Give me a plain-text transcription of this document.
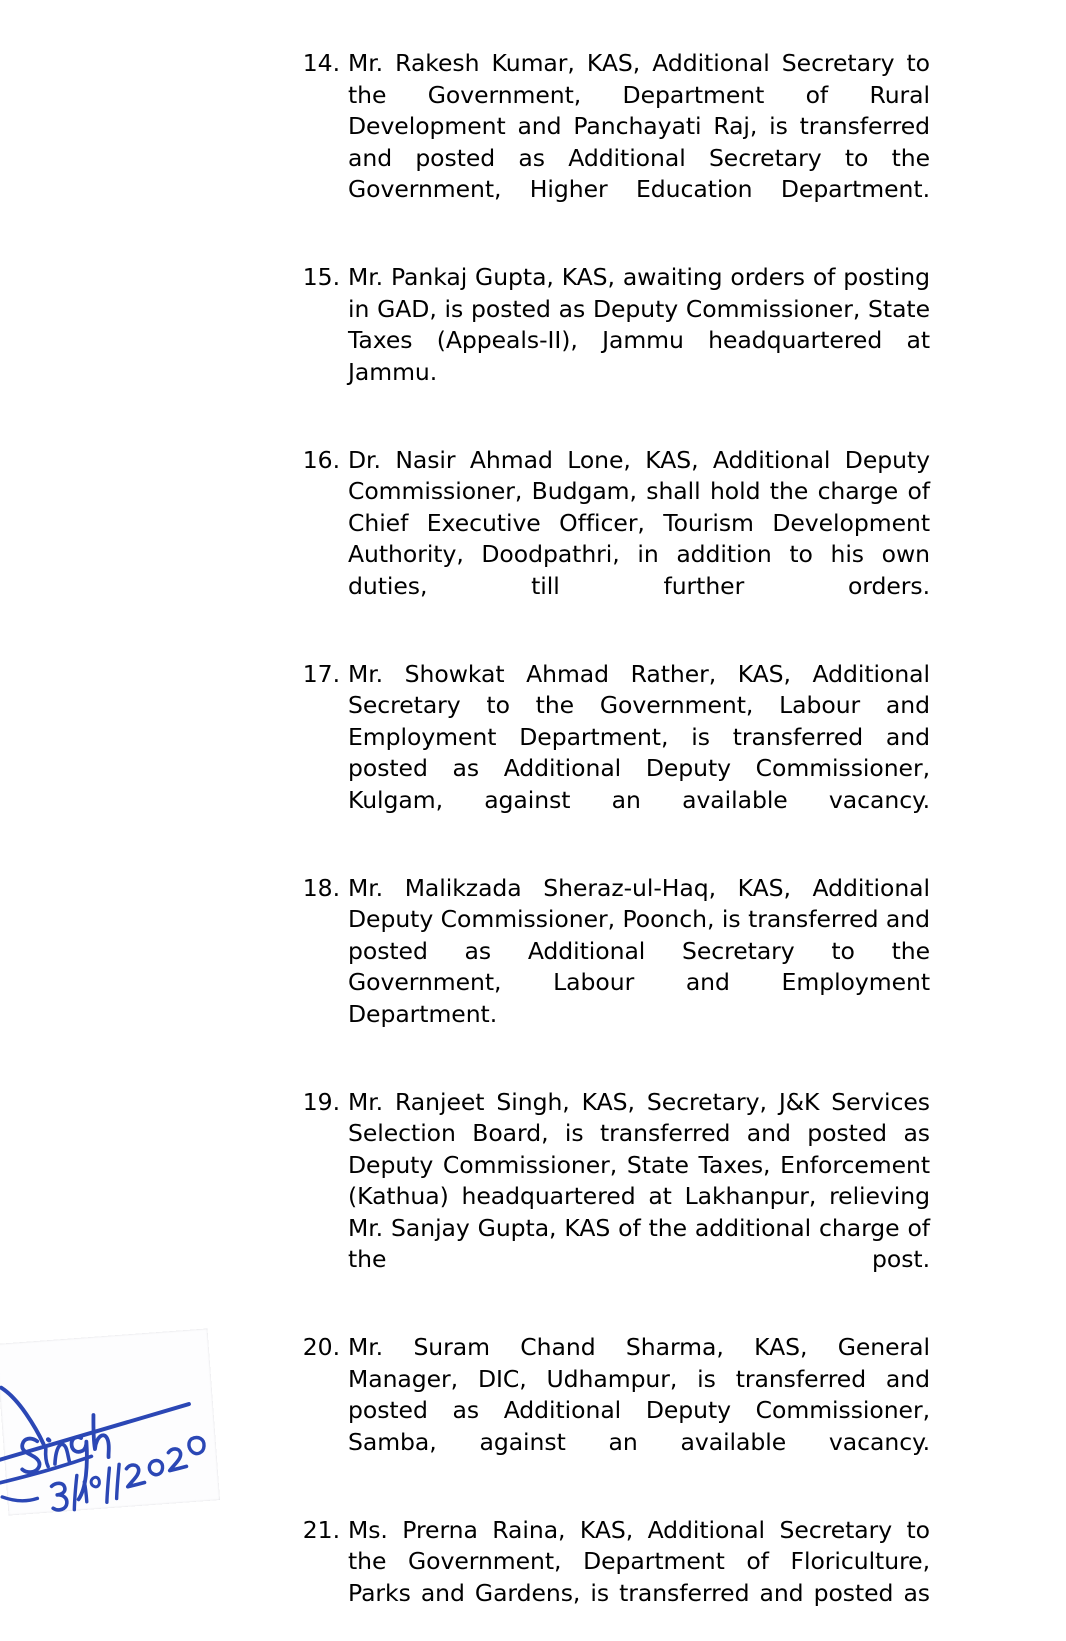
14. Mr. Rakesh Kumar, KAS, Additional Secretary to the Government, Department of Rural Development and Panchayati Raj, is transferred and posted as Additional Secretary to the Government, Higher Education Department.
15. Mr. Pankaj Gupta, KAS, awaiting orders of posting in GAD, is posted as Deputy Commissioner, State Taxes (Appeals-II), Jammu headquartered at Jammu.
16. Dr. Nasir Ahmad Lone, KAS, Additional Deputy Commissioner, Budgam, shall hold the charge of Chief Executive Officer, Tourism Development Authority, Doodpathri, in addition to his own duties, till further orders.
17. Mr. Showkat Ahmad Rather, KAS, Additional Secretary to the Government, Labour and Employment Department, is transferred and posted as Additional Deputy Commissioner, Kulgam, against an available vacancy.
18. Mr. Malikzada Sheraz-ul-Haq, KAS, Additional Deputy Commissioner, Poonch, is transferred and posted as Additional Secretary to the Government, Labour and Employment Department.
19. Mr. Ranjeet Singh, KAS, Secretary, J&K Services Selection Board, is transferred and posted as Deputy Commissioner, State Taxes, Enforcement (Kathua) headquartered at Lakhanpur, relieving Mr. Sanjay Gupta, KAS of the additional charge of the post.
20. Mr. Suram Chand Sharma, KAS, General Manager, DIC, Udhampur, is transferred and posted as Additional Deputy Commissioner, Samba, against an available vacancy.
21. Ms. Prerna Raina, KAS, Additional Secretary to the Government, Department of Floriculture, Parks and Gardens, is transferred and posted as
